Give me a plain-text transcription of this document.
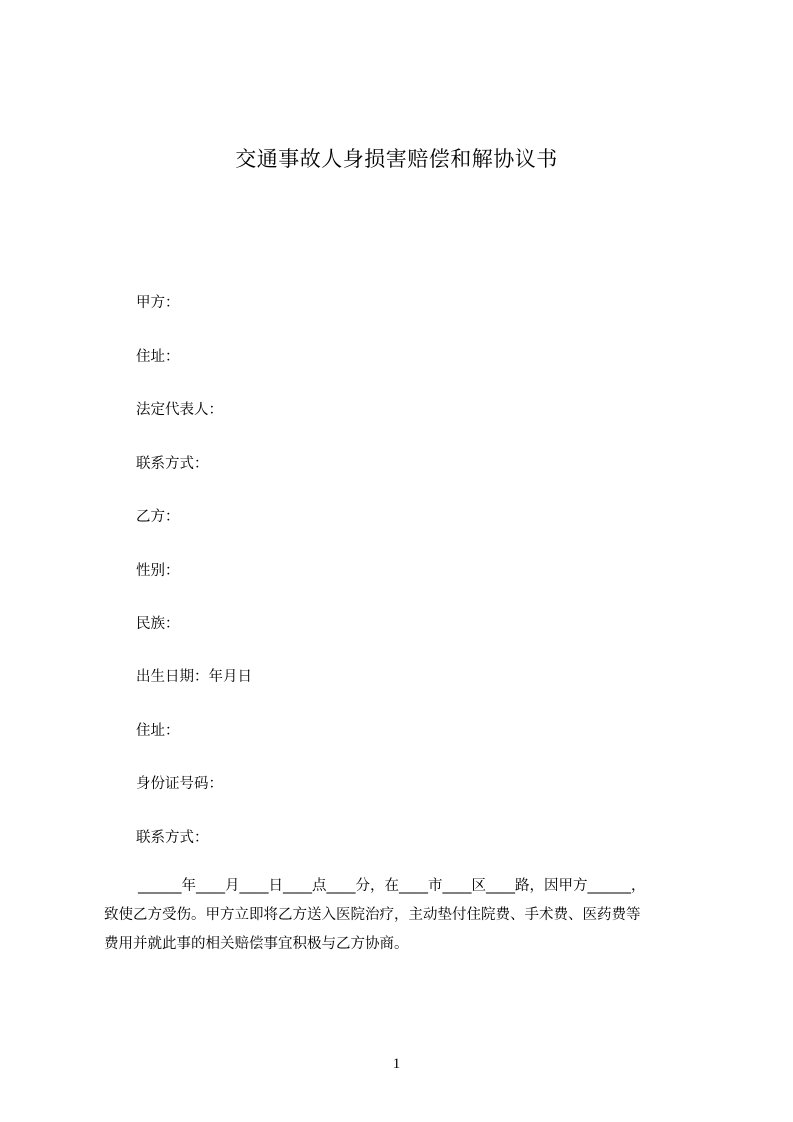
交通事故人身损害赔偿和解协议书
甲方：
住址：
法定代表人：
联系方式：
乙方：
性别：
民族：
出生日期：年月日
住址：
身份证号码：
联系方式：
______年____月____日____点____分，在____市____区____路，因甲方______，
致使乙方受伤。甲方立即将乙方送入医院治疗，主动垫付住院费、手术费、医药费等
费用并就此事的相关赔偿事宜积极与乙方协商。
1
